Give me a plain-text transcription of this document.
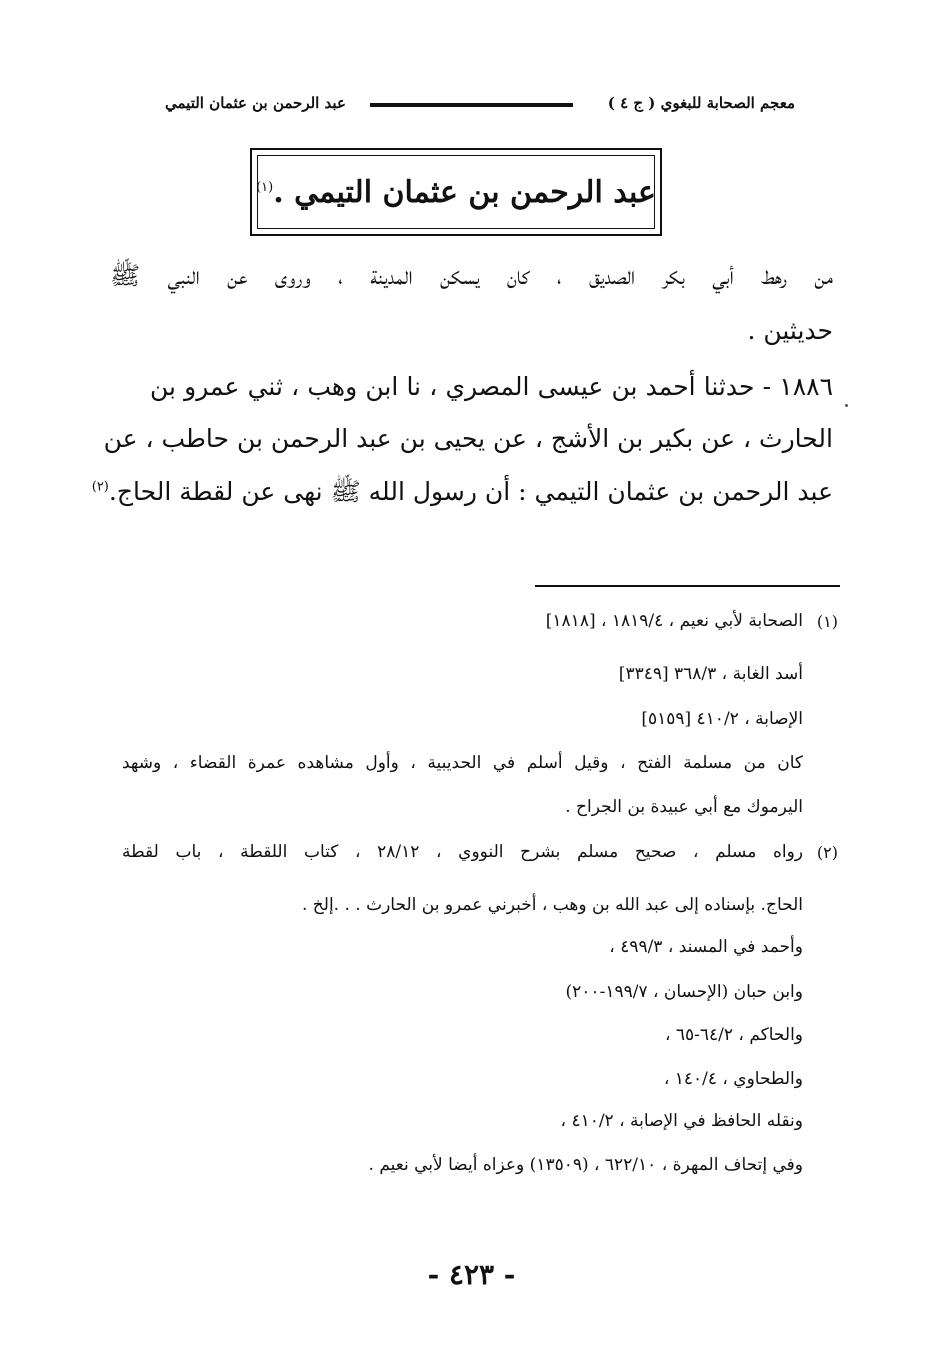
معجم الصحابة للبغوي ( ج ٤ )
عبد الرحمن بن عثمان التيمي
عبد الرحمن بن عثمان التيمي .$^{(١)}$
من رهط أبي بكر الصديق ، كان يسكن المدينة ، وروى عن النبي ﷺ
حديثين .
١٨٨٦ - حدثنا أحمد بن عيسى المصري ، نا ابن وهب ، ثني عمرو بن
الحارث ، عن بكير بن الأشج ، عن يحيى بن عبد الرحمن بن حاطب ، عن
عبد الرحمن بن عثمان التيمي : أن رسول الله ﷺ نهى عن لقطة الحاج.$^{(٢)}$
(١)
الصحابة لأبي نعيم ، ١٨١٩/٤ ، [١٨١٨]
أسد الغابة ، ٣٦٨/٣ [٣٣٤٩]
الإصابة ، ٤١٠/٢ [٥١٥٩]
كان من مسلمة الفتح ، وقيل أسلم في الحديبية ، وأول مشاهده عمرة القضاء ، وشهد
اليرموك مع أبي عبيدة بن الجراح .
(٢)
رواه مسلم ، صحيح مسلم بشرح النووي ، ٢٨/١٢ ، كتاب اللقطة ، باب لقطة
الحاج. بإسناده إلى عبد الله بن وهب ، أخبرني عمرو بن الحارث . . .إلخ .
وأحمد في المسند ، ٤٩٩/٣ ،
وابن حبان (الإحسان ، ١٩٩/٧-٢٠٠)
والحاكم ، ٦٤/٢-٦٥ ،
والطحاوي ، ١٤٠/٤ ،
ونقله الحافظ في الإصابة ، ٤١٠/٢ ،
وفي إتحاف المهرة ، ٦٢٢/١٠ ، (١٣٥٠٩) وعزاه أيضا لأبي نعيم .
- ٤٢٣ -
